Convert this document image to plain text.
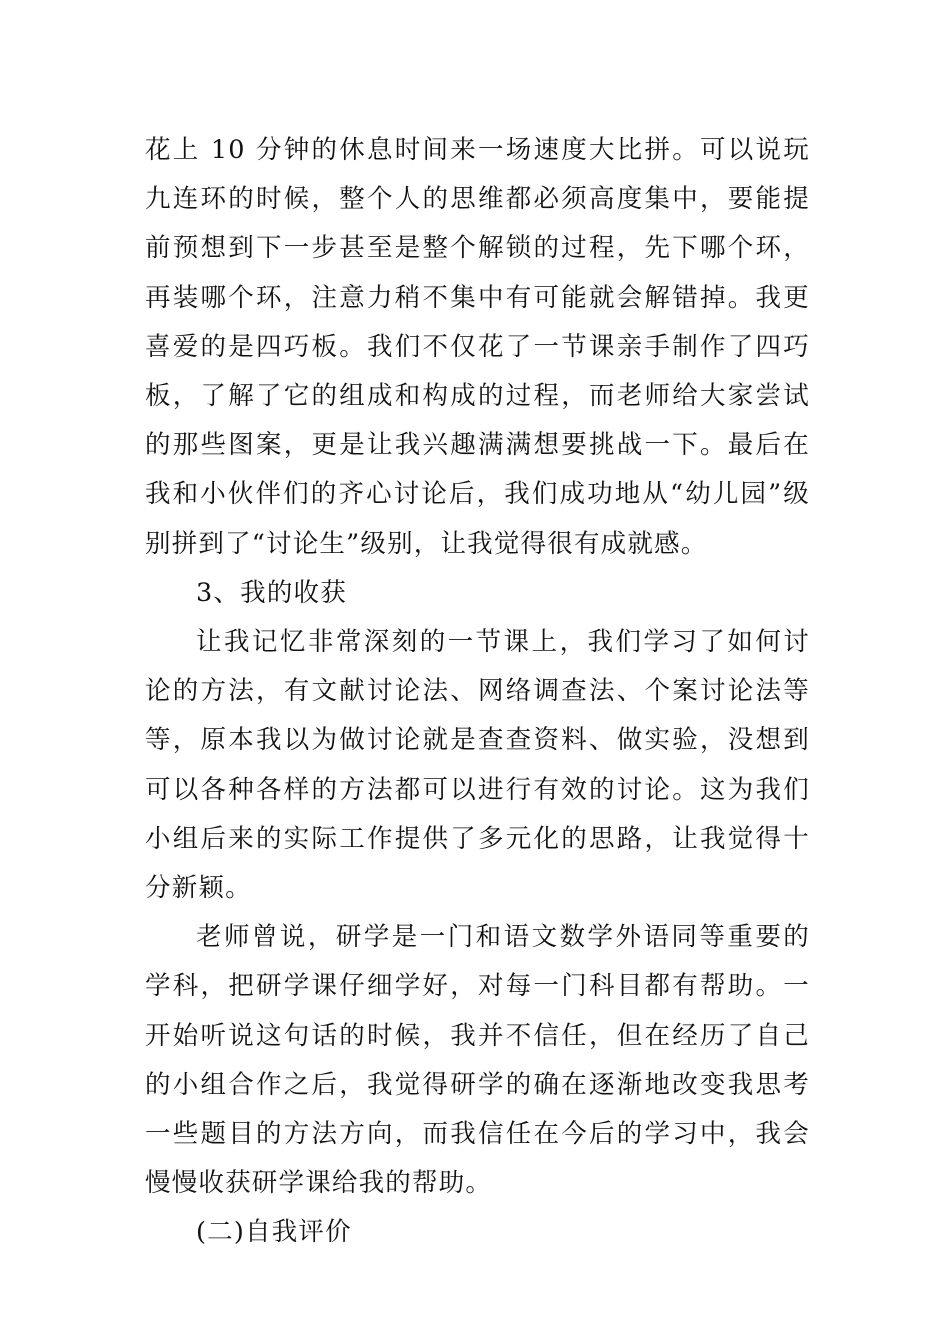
花上 10 分钟的休息时间来一场速度大比拼。可以说玩九连环的时候，整个人的思维都必须高度集中，要能提前预想到下一步甚至是整个解锁的过程，先下哪个环，再装哪个环，注意力稍不集中有可能就会解错掉。我更喜爱的是四巧板。我们不仅花了一节课亲手制作了四巧板，了解了它的组成和构成的过程，而老师给大家尝试的那些图案，更是让我兴趣满满想要挑战一下。最后在我和小伙伴们的齐心讨论后，我们成功地从“幼儿园”级别拼到了“讨论生”级别，让我觉得很有成就感。

3、我的收获

让我记忆非常深刻的一节课上，我们学习了如何讨论的方法，有文献讨论法、网络调查法、个案讨论法等等，原本我以为做讨论就是查查资料、做实验，没想到可以各种各样的方法都可以进行有效的讨论。这为我们小组后来的实际工作提供了多元化的思路，让我觉得十分新颖。

老师曾说，研学是一门和语文数学外语同等重要的学科，把研学课仔细学好，对每一门科目都有帮助。一开始听说这句话的时候，我并不信任，但在经历了自己的小组合作之后，我觉得研学的确在逐渐地改变我思考一些题目的方法方向，而我信任在今后的学习中，我会慢慢收获研学课给我的帮助。

(二)自我评价
